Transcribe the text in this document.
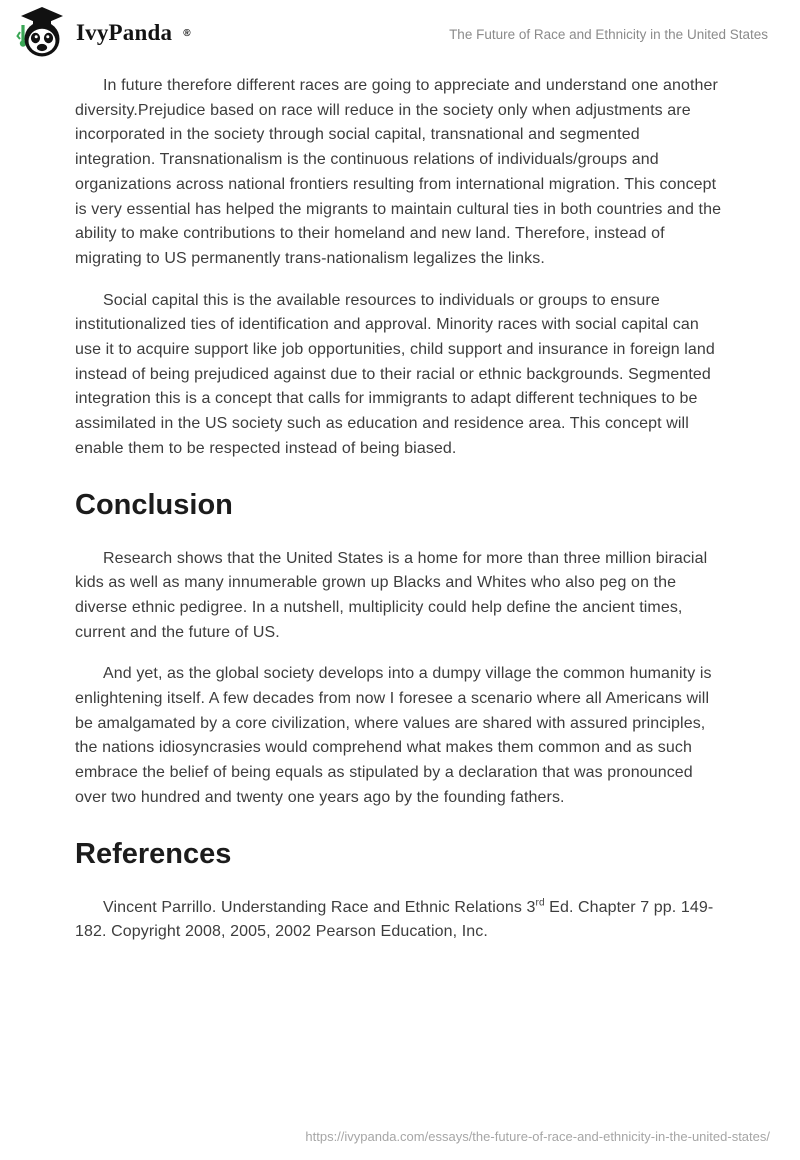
IvyPanda ®	The Future of Race and Ethnicity in the United States

In future therefore different races are going to appreciate and understand one another diversity.Prejudice based on race will reduce in the society only when adjustments are incorporated in the society through social capital, transnational and segmented integration. Transnationalism is the continuous relations of individuals/groups and organizations across national frontiers resulting from international migration. This concept is very essential has helped the migrants to maintain cultural ties in both countries and the ability to make contributions to their homeland and new land. Therefore, instead of migrating to US permanently trans-nationalism legalizes the links.

Social capital this is the available resources to individuals or groups to ensure institutionalized ties of identification and approval. Minority races with social capital can use it to acquire support like job opportunities, child support and insurance in foreign land instead of being prejudiced against due to their racial or ethnic backgrounds. Segmented integration this is a concept that calls for immigrants to adapt different techniques to be assimilated in the US society such as education and residence area. This concept will enable them to be respected instead of being biased.

Conclusion

Research shows that the United States is a home for more than three million biracial kids as well as many innumerable grown up Blacks and Whites who also peg on the diverse ethnic pedigree. In a nutshell, multiplicity could help define the ancient times, current and the future of US.

And yet, as the global society develops into a dumpy village the common humanity is enlightening itself. A few decades from now I foresee a scenario where all Americans will be amalgamated by a core civilization, where values are shared with assured principles, the nations idiosyncrasies would comprehend what makes them common and as such embrace the belief of being equals as stipulated by a declaration that was pronounced over two hundred and twenty one years ago by the founding fathers.

References

Vincent Parrillo. Understanding Race and Ethnic Relations 3rd Ed. Chapter 7 pp. 149-182. Copyright 2008, 2005, 2002 Pearson Education, Inc.

https://ivypanda.com/essays/the-future-of-race-and-ethnicity-in-the-united-states/
